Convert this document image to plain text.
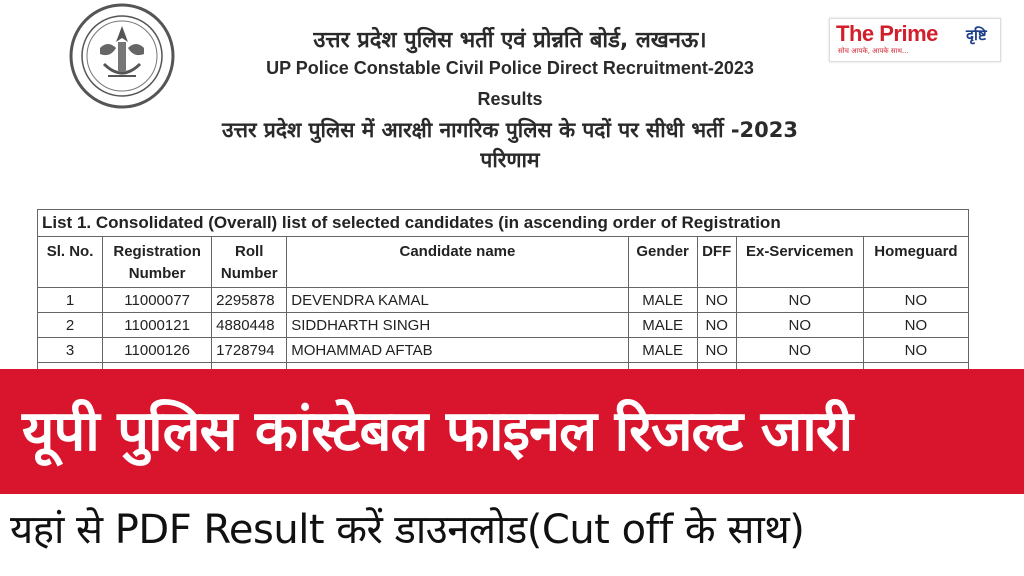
उत्तर प्रदेश पुलिस भर्ती एवं प्रोन्नति बोर्ड, लखनऊ।
UP Police Constable Civil Police Direct Recruitment-2023
Results
उत्तर प्रदेश पुलिस में आरक्षी नागरिक पुलिस के पदों पर सीधी भर्ती -2023
परिणाम
The Prime दृष्टि
सोच आपके, आपके साथ...
List 1. Consolidated (Overall) list of selected candidates (in ascending order of Registration							
Sl. No.	Registration Number	Roll Number	Candidate name	Gender	DFF	Ex-Servicemen	Homeguard
1	11000077	2295878	DEVENDRA KAMAL	MALE	NO	NO	NO
2	11000121	4880448	SIDDHARTH SINGH	MALE	NO	NO	NO
3	11000126	1728794	MOHAMMAD AFTAB	MALE	NO	NO	NO

यूपी पुलिस कांस्टेबल फाइनल रिजल्ट जारी
यहां से PDF Result करें डाउनलोड(Cut off के साथ)
